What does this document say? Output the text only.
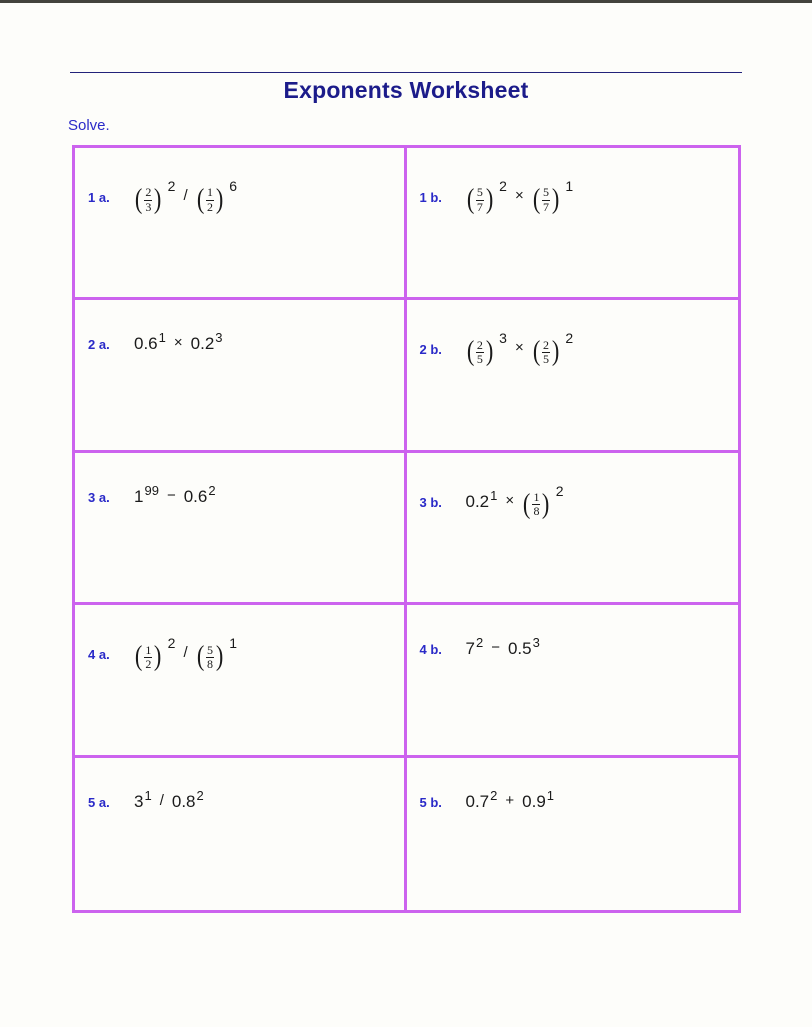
Exponents Worksheet
Solve.
1 a. ( $\frac{2}{3}$ ) $^2$/ ( $\frac{1}{2}$ ) $^6$
1 b. ( $\frac{5}{7}$ ) $^2$× ( $\frac{5}{7}$ ) $^1$
2 a. $0.6^1 \times 0.2^3$
2 b. ( $\frac{2}{5}$ ) $^3$× ( $\frac{2}{5}$ ) $^2$
3 a. $1^{99} - 0.6^2$
3 b. $0.2^1$ × ( $\frac{1}{8}$ ) $^2$
4 a. ( $\frac{1}{2}$ ) $^2$/ ( $\frac{5}{8}$ ) $^1$	4 b. $7^2 - 0.5^3$
5 a. $3^1 / 0.8^2$	5 b. $0.7^2 + 0.9^1$
